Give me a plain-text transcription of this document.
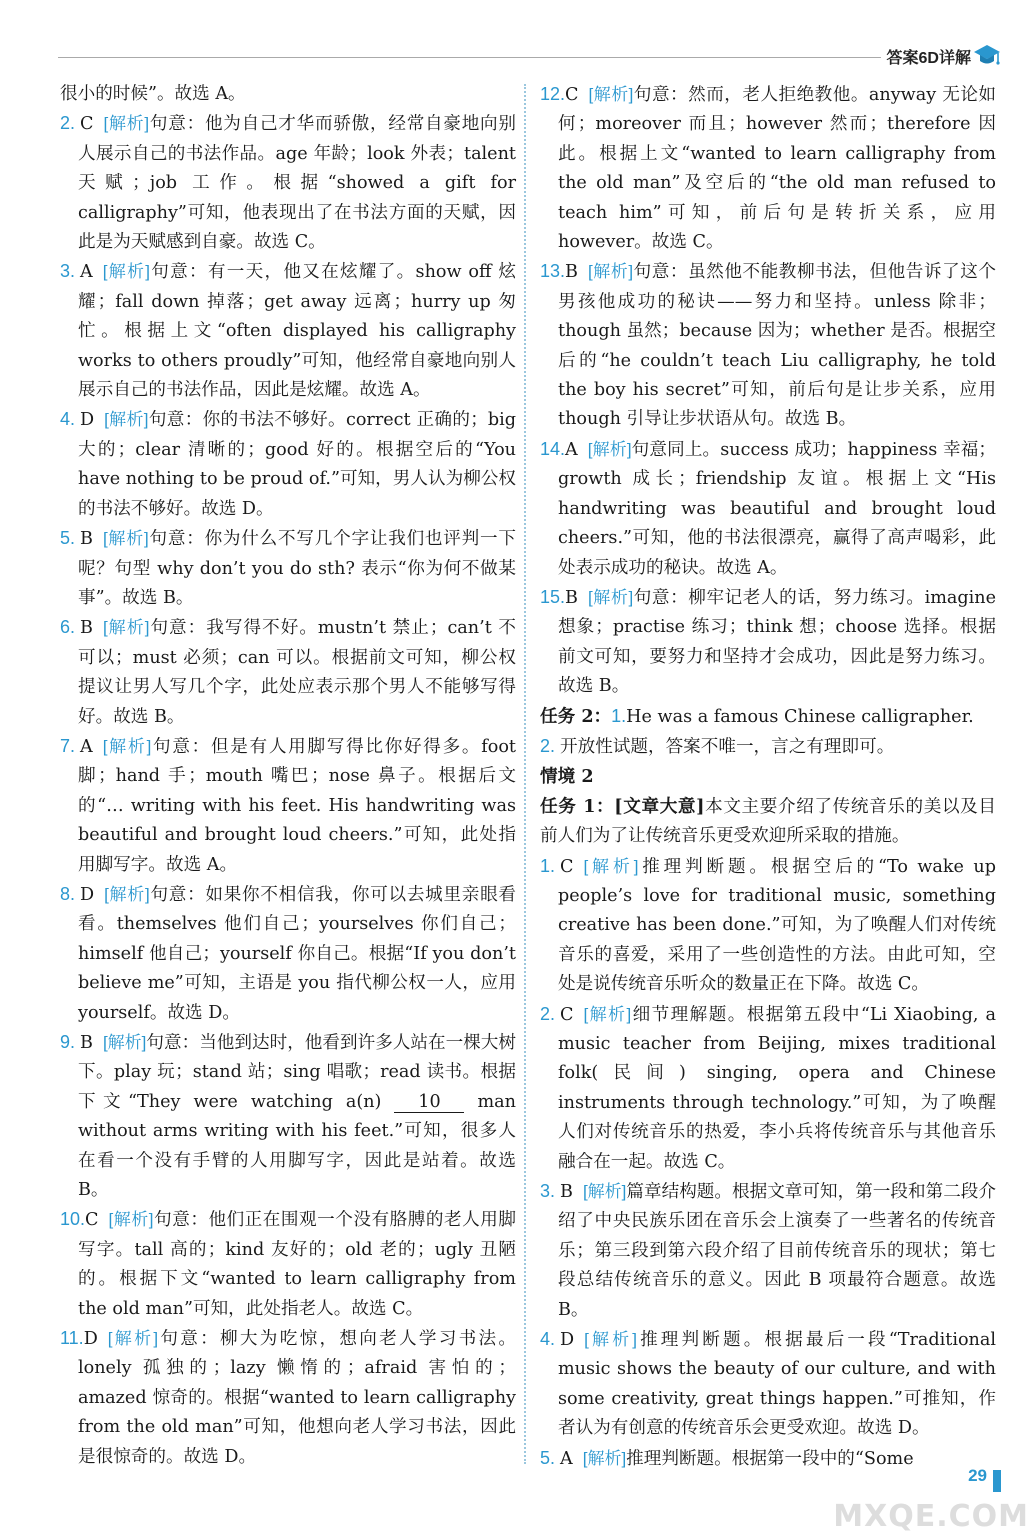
答案6D详解
很小的时候”。故选 A。
2. C [解析]句意：他为自己才华而骄傲，经常自豪地向别人展示自己的书法作品。age 年龄；look 外表；talent 天赋；job 工作。根据“showed a gift for calligraphy”可知，他表现出了在书法方面的天赋，因此是为天赋感到自豪。故选 C。
3. A [解析]句意：有一天，他又在炫耀了。show off 炫耀；fall down 掉落；get away 远离；hurry up 匆忙。根据上文“often displayed his calligraphy works to others proudly”可知，他经常自豪地向别人展示自己的书法作品，因此是炫耀。故选 A。
4. D [解析]句意：你的书法不够好。correct 正确的；big 大的；clear 清晰的；good 好的。根据空后的“You have nothing to be proud of.”可知，男人认为柳公权的书法不够好。故选 D。
5. B [解析]句意：你为什么不写几个字让我们也评判一下呢？句型 why don’t you do sth? 表示“你为何不做某事”。故选 B。
6. B [解析]句意：我写得不好。mustn’t 禁止；can’t 不可以；must 必须；can 可以。根据前文可知，柳公权提议让男人写几个字，此处应表示那个男人不能够写得好。故选 B。
7. A [解析]句意：但是有人用脚写得比你好得多。foot 脚；hand 手；mouth 嘴巴；nose 鼻子。根据后文的“… writing with his feet. His handwriting was beautiful and brought loud cheers.”可知，此处指用脚写字。故选 A。
8. D [解析]句意：如果你不相信我，你可以去城里亲眼看看。themselves 他们自己；yourselves 你们自己；himself 他自己；yourself 你自己。根据“If you don’t believe me”可知，主语是 you 指代柳公权一人，应用 yourself。故选 D。
9. B [解析]句意：当他到达时，他看到许多人站在一棵大树下。play 玩；stand 站；sing 唱歌；read 读书。根据下文“They were watching a(n) 10 man without arms writing with his feet.”可知，很多人在看一个没有手臂的人用脚写字，因此是站着。故选 B。
10.C [解析]句意：他们正在围观一个没有胳膊的老人用脚写字。tall 高的；kind 友好的；old 老的；ugly 丑陋的。根据下文“wanted to learn calligraphy from the old man”可知，此处指老人。故选 C。
11.D [解析]句意：柳大为吃惊，想向老人学习书法。lonely 孤独的；lazy 懒惰的；afraid 害怕的；amazed 惊奇的。根据“wanted to learn calligraphy from the old man”可知，他想向老人学习书法，因此是很惊奇的。故选 D。
12.C [解析]句意：然而，老人拒绝教他。anyway 无论如何；moreover 而且；however 然而；therefore 因此。根据上文“wanted to learn calligraphy from the old man”及空后的“the old man refused to teach him”可知，前后句是转折关系，应用 however。故选 C。
13.B [解析]句意：虽然他不能教柳书法，但他告诉了这个男孩他成功的秘诀——努力和坚持。unless 除非；though 虽然；because 因为；whether 是否。根据空后的“he couldn’t teach Liu calligraphy, he told the boy his secret”可知，前后句是让步关系，应用 though 引导让步状语从句。故选 B。
14.A [解析]句意同上。success 成功；happiness 幸福；growth 成长；friendship 友谊。根据上文“His handwriting was beautiful and brought loud cheers.”可知，他的书法很漂亮，赢得了高声喝彩，此处表示成功的秘诀。故选 A。
15.B [解析]句意：柳牢记老人的话，努力练习。imagine 想象；practise 练习；think 想；choose 选择。根据前文可知，要努力和坚持才会成功，因此是努力练习。故选 B。
任务 2：1.He was a famous Chinese calligrapher.
2. 开放性试题，答案不唯一，言之有理即可。
情境 2
任务 1：[文章大意]本文主要介绍了传统音乐的美以及目前人们为了让传统音乐更受欢迎所采取的措施。
1. C [解析]推理判断题。根据空后的“To wake up people’s love for traditional music, something creative has been done.”可知，为了唤醒人们对传统音乐的喜爱，采用了一些创造性的方法。由此可知，空处是说传统音乐听众的数量正在下降。故选 C。
2. C [解析]细节理解题。根据第五段中“Li Xiaobing, a music teacher from Beijing, mixes traditional folk(民间) singing, opera and Chinese instruments through technology.”可知，为了唤醒人们对传统音乐的热爱，李小兵将传统音乐与其他音乐融合在一起。故选 C。
3. B [解析]篇章结构题。根据文章可知，第一段和第二段介绍了中央民族乐团在音乐会上演奏了一些著名的传统音乐；第三段到第六段介绍了目前传统音乐的现状；第七段总结传统音乐的意义。因此 B 项最符合题意。故选 B。
4. D [解析]推理判断题。根据最后一段“Traditional music shows the beauty of our culture, and with some creativity, great things happen.”可推知，作者认为有创意的传统音乐会更受欢迎。故选 D。
5. A [解析]推理判断题。根据第一段中的“Some
29
MXQE.COM
